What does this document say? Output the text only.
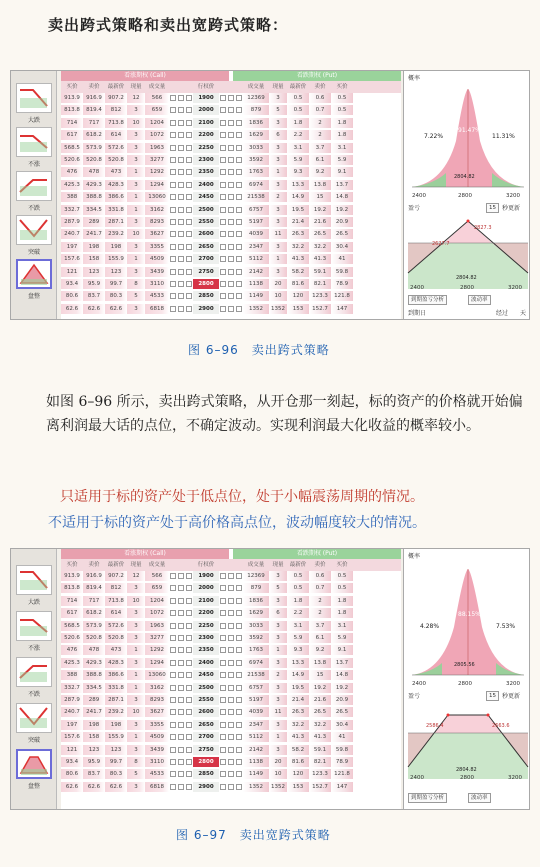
卖出跨式策略和卖出宽跨式策略：
大跌
不涨
不跌
突破
盘整
看涨期权 (Call)	看跌期权 (Put)
买价	卖价	最新价	现量	成交量	行权价	成交量	现量	最新价	卖价	买价
913.9	916.9	907.2	12	566	1900	12369	3	0.5	0.6	0.5
813.8	819.4	812	3	659	2000	879	5	0.5	0.7	0.5
714	717	713.8	10	1204	2100	1836	3	1.8	2	1.8
617	618.2	614	3	1072	2200	1629	6	2.2	2	1.8
568.5	573.9	572.6	3	1963	2250	3033	3	3.1	3.7	3.1
520.6	520.8	520.8	3	3277	2300	3592	3	5.9	6.1	5.9
476	478	473	1	1292	2350	1763	1	9.3	9.2	9.1
425.3	429.3	428.3	3	1294	2400	6974	3	13.3	13.8	13.7
388	388.8	386.6	1	13060	2450	21538	2	14.9	15	14.8
332.7	334.5	331.8	1	3162	2500	6757	3	19.5	19.2	19.2
287.9	289	287.1	3	8293	2550	5197	3	21.4	21.6	20.9
240.7	241.7	239.2	10	3627	2600	4039	11	26.3	26.5	26.5
197	198	198	3	3355	2650	2347	3	32.2	32.2	30.4
157.6	158	155.9	1	4509	2700	5112	1	41.3	41.3	41
121	123	123	3	3439	2750	2142	3	58.2	59.1	59.8
93.4	95.9	99.7	8	3110	2800	1138	20	81.6	82.1	78.9
80.6	83.7	80.3	5	4533	2850	1149	10	120	123.3	121.8
62.6	62.6	62.6	3	6818	2900	1352	1352	153	152.7	147
概率
7.22%
91.47%
11.31%
2804.82
2400	2800	3200
盈亏	15	秒更新
2827.3
2627.7
2804.82
2400	2800	3200
到期盈亏分析	波动率
到期日	经过 天
图 6–96　卖出跨式策略
如图 6–96 所示，卖出跨式策略，从开仓那一刻起，标的资产的价格就开始偏离利润最大话的点位，不确定波动。实现利润最大化收益的概率较小。
只适用于标的资产处于低点位，处于小幅震荡周期的情况。
不适用于标的资产处于高价格高点位，波动幅度较大的情况。
大跌
不涨
不跌
突破
盘整
看涨期权 (Call)	看跌期权 (Put)
买价	卖价	最新价	现量	成交量	行权价	成交量	现量	最新价	卖价	买价
913.9	916.9	907.2	12	566	1900	12369	3	0.5	0.6	0.5
813.8	819.4	812	3	659	2000	879	5	0.5	0.7	0.5
714	717	713.8	10	1204	2100	1836	3	1.8	2	1.8
617	618.2	614	3	1072	2200	1629	6	2.2	2	1.8
568.5	573.9	572.6	3	1963	2250	3033	3	3.1	3.7	3.1
520.6	520.8	520.8	3	3277	2300	3592	3	5.9	6.1	5.9
476	478	473	1	1292	2350	1763	1	9.3	9.2	9.1
425.3	429.3	428.3	3	1294	2400	6974	3	13.3	13.8	13.7
388	388.8	386.6	1	13060	2450	21538	2	14.9	15	14.8
332.7	334.5	331.8	1	3162	2500	6757	3	19.5	19.2	19.2
287.9	289	287.1	3	8293	2550	5197	3	21.4	21.6	20.9
240.7	241.7	239.2	10	3627	2600	4039	11	26.3	26.5	26.5
197	198	198	3	3355	2650	2347	3	32.2	32.2	30.4
157.6	158	155.9	1	4509	2700	5112	1	41.3	41.3	41
121	123	123	3	3439	2750	2142	3	58.2	59.1	59.8
93.4	95.9	99.7	8	3110	2800	1138	20	81.6	82.1	78.9
80.6	83.7	80.3	5	4533	2850	1149	10	120	123.3	121.8
62.6	62.6	62.6	3	6818	2900	1352	1352	153	152.7	147
概率
4.28%
88.15%
7.53%
2805.56
2400	2800	3200
盈亏	15	秒更新
2586.4	2663.6
2804.82
2400	2800	3200
到期盈亏分析	波动率
图 6–97　卖出宽跨式策略
